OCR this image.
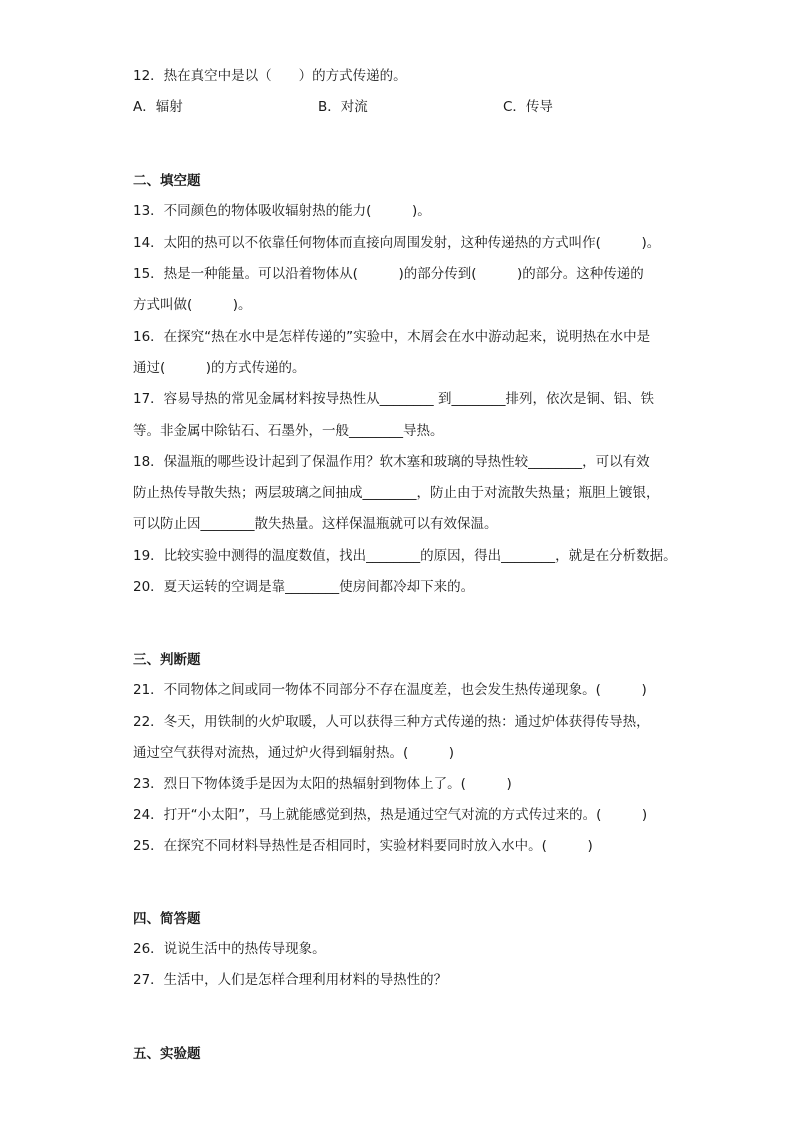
12．热在真空中是以（　　）的方式传递的。
A．辐射	B．对流	C．传导
二、填空题
13．不同颜色的物体吸收辐射热的能力(　　　)。
14．太阳的热可以不依靠任何物体而直接向周围发射，这种传递热的方式叫作(　　　)。
15．热是一种能量。可以沿着物体从(　　　)的部分传到(　　　)的部分。这种传递的
方式叫做(　　　)。
16．在探究“热在水中是怎样传递的”实验中，木屑会在水中游动起来，说明热在水中是
通过(　　　)的方式传递的。
17．容易导热的常见金属材料按导热性从________ 到________排列，依次是铜、铝、铁
等。非金属中除钻石、石墨外，一般________导热。
18．保温瓶的哪些设计起到了保温作用？软木塞和玻璃的导热性较________，可以有效
防止热传导散失热；两层玻璃之间抽成________，防止由于对流散失热量；瓶胆上镀银，
可以防止因________散失热量。这样保温瓶就可以有效保温。
19．比较实验中测得的温度数值，找出________的原因，得出________，就是在分析数据。
20．夏天运转的空调是靠________使房间都冷却下来的。
三、判断题
21．不同物体之间或同一物体不同部分不存在温度差，也会发生热传递现象。(　　　)
22．冬天，用铁制的火炉取暖，人可以获得三种方式传递的热：通过炉体获得传导热，
通过空气获得对流热，通过炉火得到辐射热。(　　　)
23．烈日下物体烫手是因为太阳的热辐射到物体上了。(　　　)
24．打开“小太阳”，马上就能感觉到热，热是通过空气对流的方式传过来的。(　　　)
25．在探究不同材料导热性是否相同时，实验材料要同时放入水中。(　　　)
四、简答题
26．说说生活中的热传导现象。
27．生活中，人们是怎样合理利用材料的导热性的？
五、实验题
